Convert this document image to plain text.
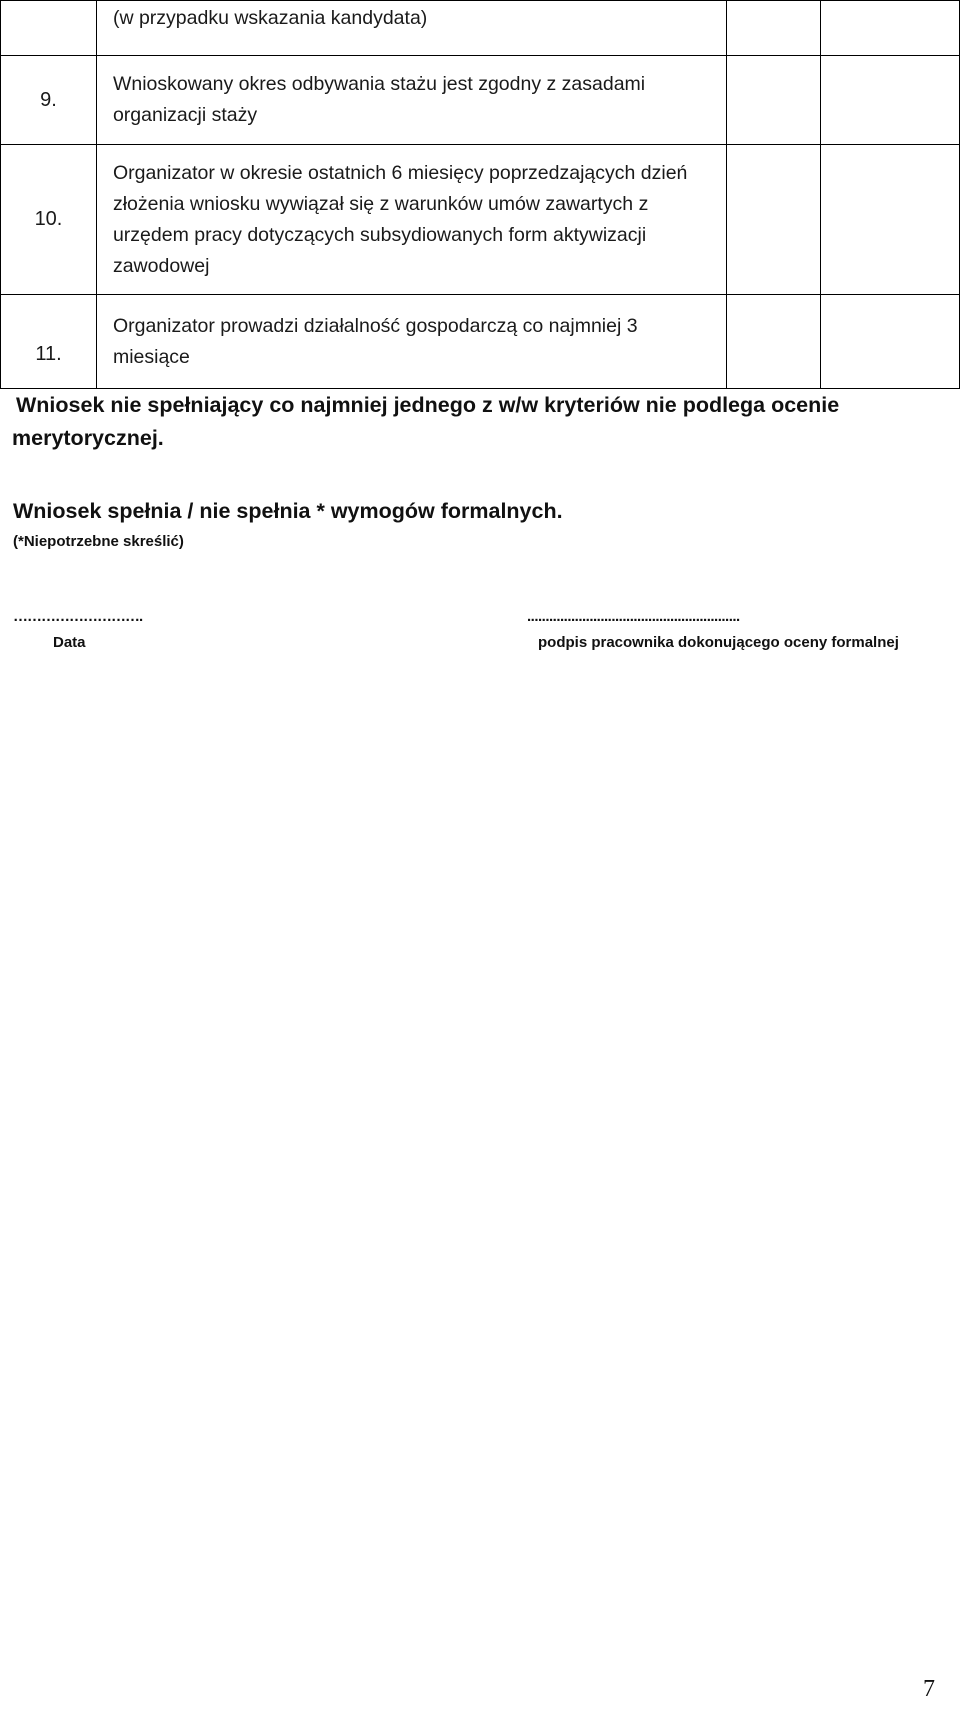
	(w przypadku wskazania kandydata)		
9.	Wnioskowany okres odbywania stażu jest zgodny z zasadami organizacji staży		
10.	Organizator w okresie ostatnich 6 miesięcy poprzedzających dzień złożenia wniosku wywiązał się z warunków umów zawartych z urzędem pracy dotyczących subsydiowanych form aktywizacji zawodowej		
11.	Organizator prowadzi działalność gospodarczą co najmniej 3 miesiące		
Wniosek nie spełniający co najmniej jednego z w/w kryteriów nie podlega ocenie merytorycznej.
Wniosek spełnia / nie spełnia * wymogów formalnych.
(*Niepotrzebne skreślić)
……………………….
Data
..........................................................
podpis pracownika dokonującego oceny formalnej
7
